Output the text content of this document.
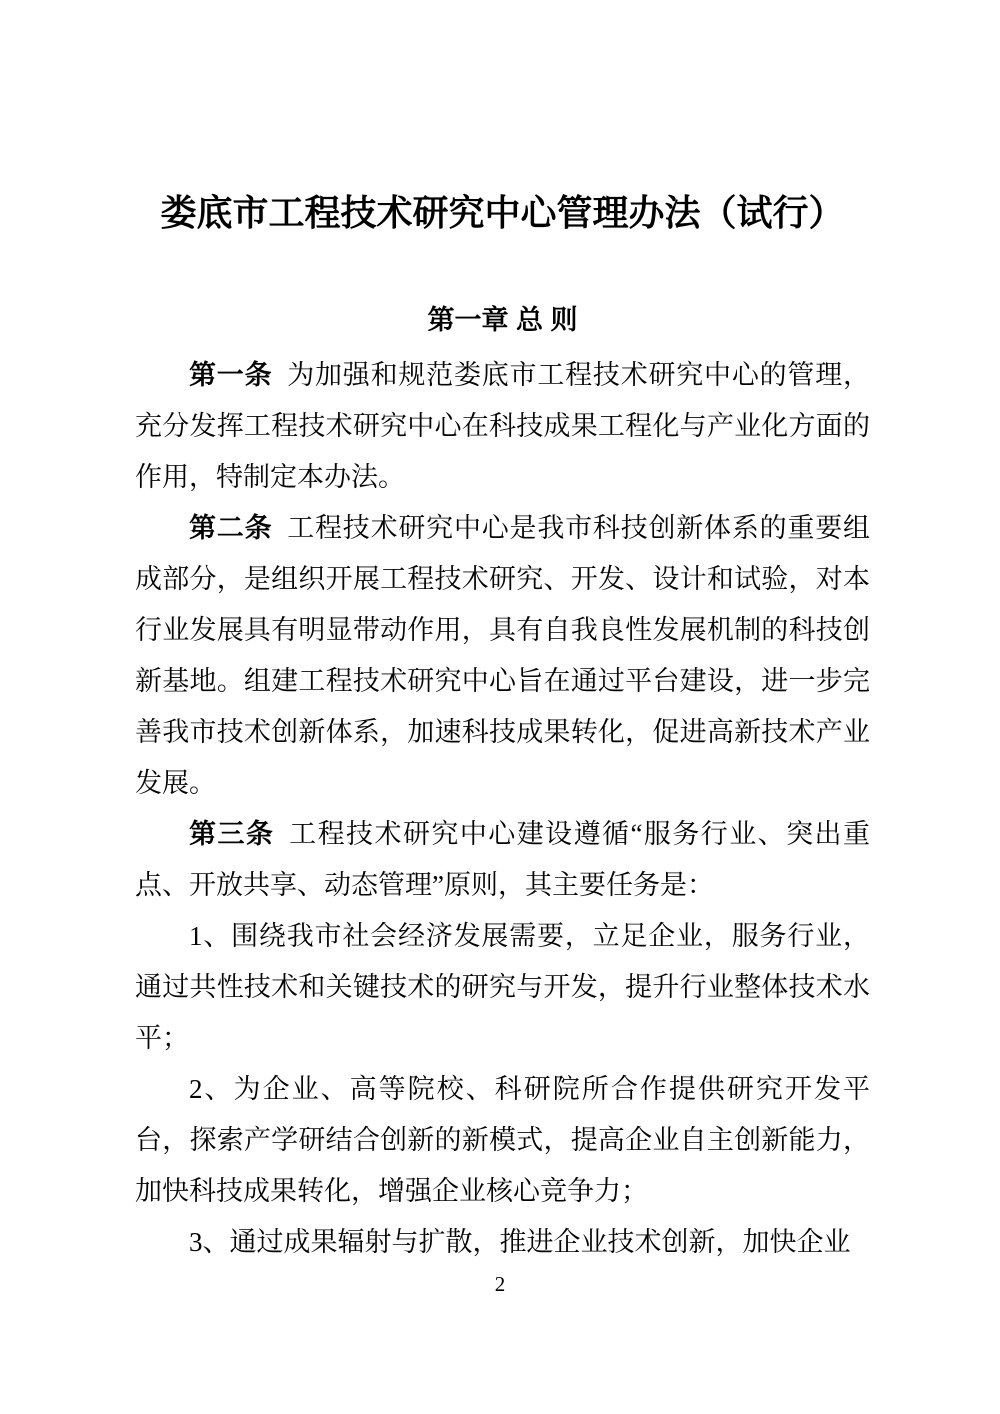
娄底市工程技术研究中心管理办法（试行）
第一章 总 则

第一条 为加强和规范娄底市工程技术研究中心的管理，充分发挥工程技术研究中心在科技成果工程化与产业化方面的作用，特制定本办法。

第二条 工程技术研究中心是我市科技创新体系的重要组成部分，是组织开展工程技术研究、开发、设计和试验，对本行业发展具有明显带动作用，具有自我良性发展机制的科技创新基地。组建工程技术研究中心旨在通过平台建设，进一步完善我市技术创新体系，加速科技成果转化，促进高新技术产业发展。

第三条 工程技术研究中心建设遵循“服务行业、突出重点、开放共享、动态管理”原则，其主要任务是：

1、围绕我市社会经济发展需要，立足企业，服务行业，通过共性技术和关键技术的研究与开发，提升行业整体技术水平；

2、为企业、高等院校、科研院所合作提供研究开发平台，探索产学研结合创新的新模式，提高企业自主创新能力，加快科技成果转化，增强企业核心竞争力；

3、通过成果辐射与扩散，推进企业技术创新，加快企业

2
